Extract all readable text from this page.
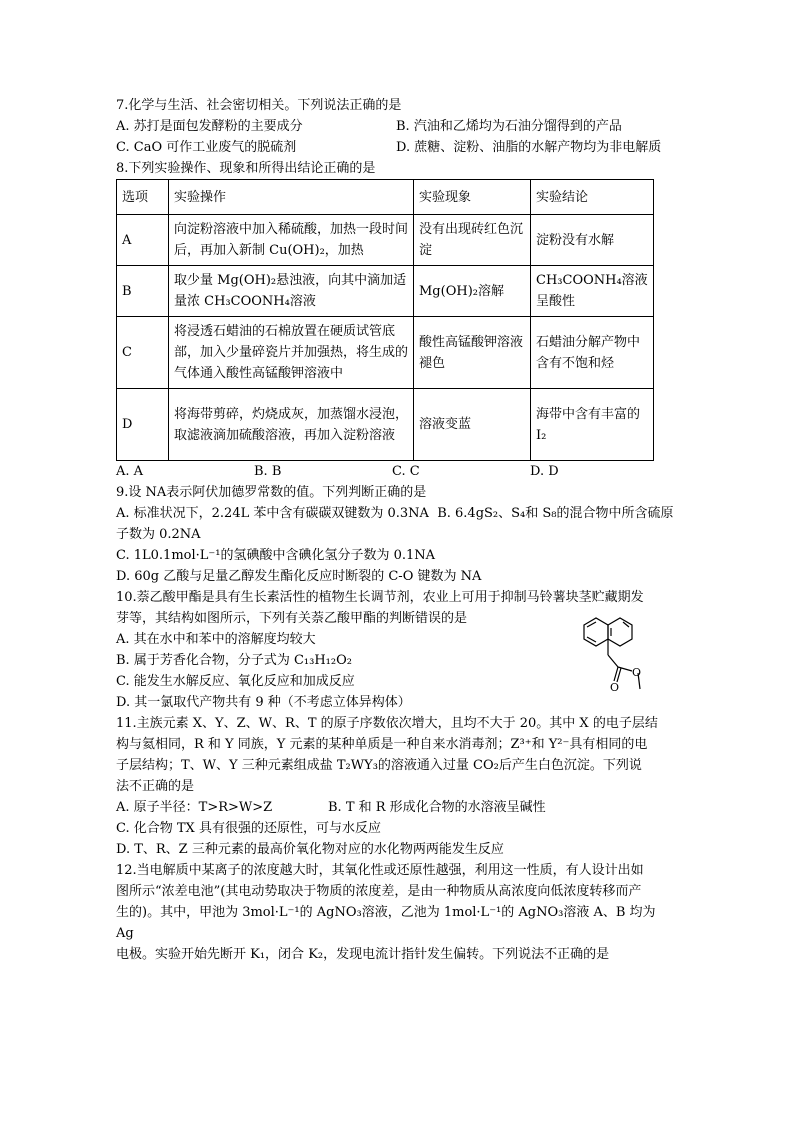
7.化学与生活、社会密切相关。下列说法正确的是

A. 苏打是面包发酵粉的主要成分	B. 汽油和乙烯均为石油分馏得到的产品
C. CaO 可作工业废气的脱硫剂	D. 蔗糖、淀粉、油脂的水解产物均为非电解质

8.下列实验操作、现象和所得出结论正确的是

选项	实验操作	实验现象	实验结论
A	向淀粉溶液中加入稀硫酸，加热一段时间后，再加入新制 Cu(OH)₂，加热	没有出现砖红色沉淀	淀粉没有水解
B	取少量 Mg(OH)₂悬浊液，向其中滴加适量浓 CH₃COONH₄溶液	Mg(OH)₂溶解	CH₃COONH₄溶液呈酸性
C	将浸透石蜡油的石棉放置在硬质试管底部，加入少量碎瓷片并加强热，将生成的气体通入酸性高锰酸钾溶液中	酸性高锰酸钾溶液褪色	石蜡油分解产物中含有不饱和烃
D	将海带剪碎，灼烧成灰，加蒸馏水浸泡，取滤液滴加硫酸溶液，再加入淀粉溶液	溶液变蓝	海带中含有丰富的 I₂
A. A	B. B	C. C	D. D

9.设 NA表示阿伏加德罗常数的值。下列判断正确的是

A. 标准状况下，2.24L 苯中含有碳碳双键数为 0.3NA B. 6.4gS₂、S₄和 S₈的混合物中所含硫原

子数为 0.2NA

C. 1L0.1mol·L⁻¹的氢碘酸中含碘化氢分子数为 0.1NA

D. 60g 乙酸与足量乙醇发生酯化反应时断裂的 C-O 键数为 NA

10.萘乙酸甲酯是具有生长素活性的植物生长调节剂，农业上可用于抑制马铃薯块茎贮藏期发

芽等，其结构如图所示，下列有关萘乙酸甲酯的判断错误的是

A. 其在水中和苯中的溶解度均较大

B. 属于芳香化合物，分子式为 C₁₃H₁₂O₂

C. 能发生水解反应、氧化反应和加成反应

D. 其一氯取代产物共有 9 种（不考虑立体异构体）

11.主族元素 X、Y、Z、W、R、T 的原子序数依次增大，且均不大于 20。其中 X 的电子层结

构与氦相同，R 和 Y 同族，Y 元素的某种单质是一种自来水消毒剂；Z³⁺和 Y²⁻具有相同的电

子层结构；T、W、Y 三种元素组成盐 T₂WY₃的溶液通入过量 CO₂后产生白色沉淀。下列说

法不正确的是

A. 原子半径：T>R>W>Z	B. T 和 R 形成化合物的水溶液呈碱性

C. 化合物 TX 具有很强的还原性，可与水反应

D. T、R、Z 三种元素的最高价氧化物对应的水化物两两能发生反应

12.当电解质中某离子的浓度越大时，其氧化性或还原性越强，利用这一性质，有人设计出如

图所示“浓差电池”(其电动势取决于物质的浓度差，是由一种物质从高浓度向低浓度转移而产

生的)。其中，甲池为 3mol·L⁻¹的 AgNO₃溶液，乙池为 1mol·L⁻¹的 AgNO₃溶液 A、B 均为 Ag

电极。实验开始先断开 K₁，闭合 K₂，发现电流计指针发生偏转。下列说法不正确的是

O
O
